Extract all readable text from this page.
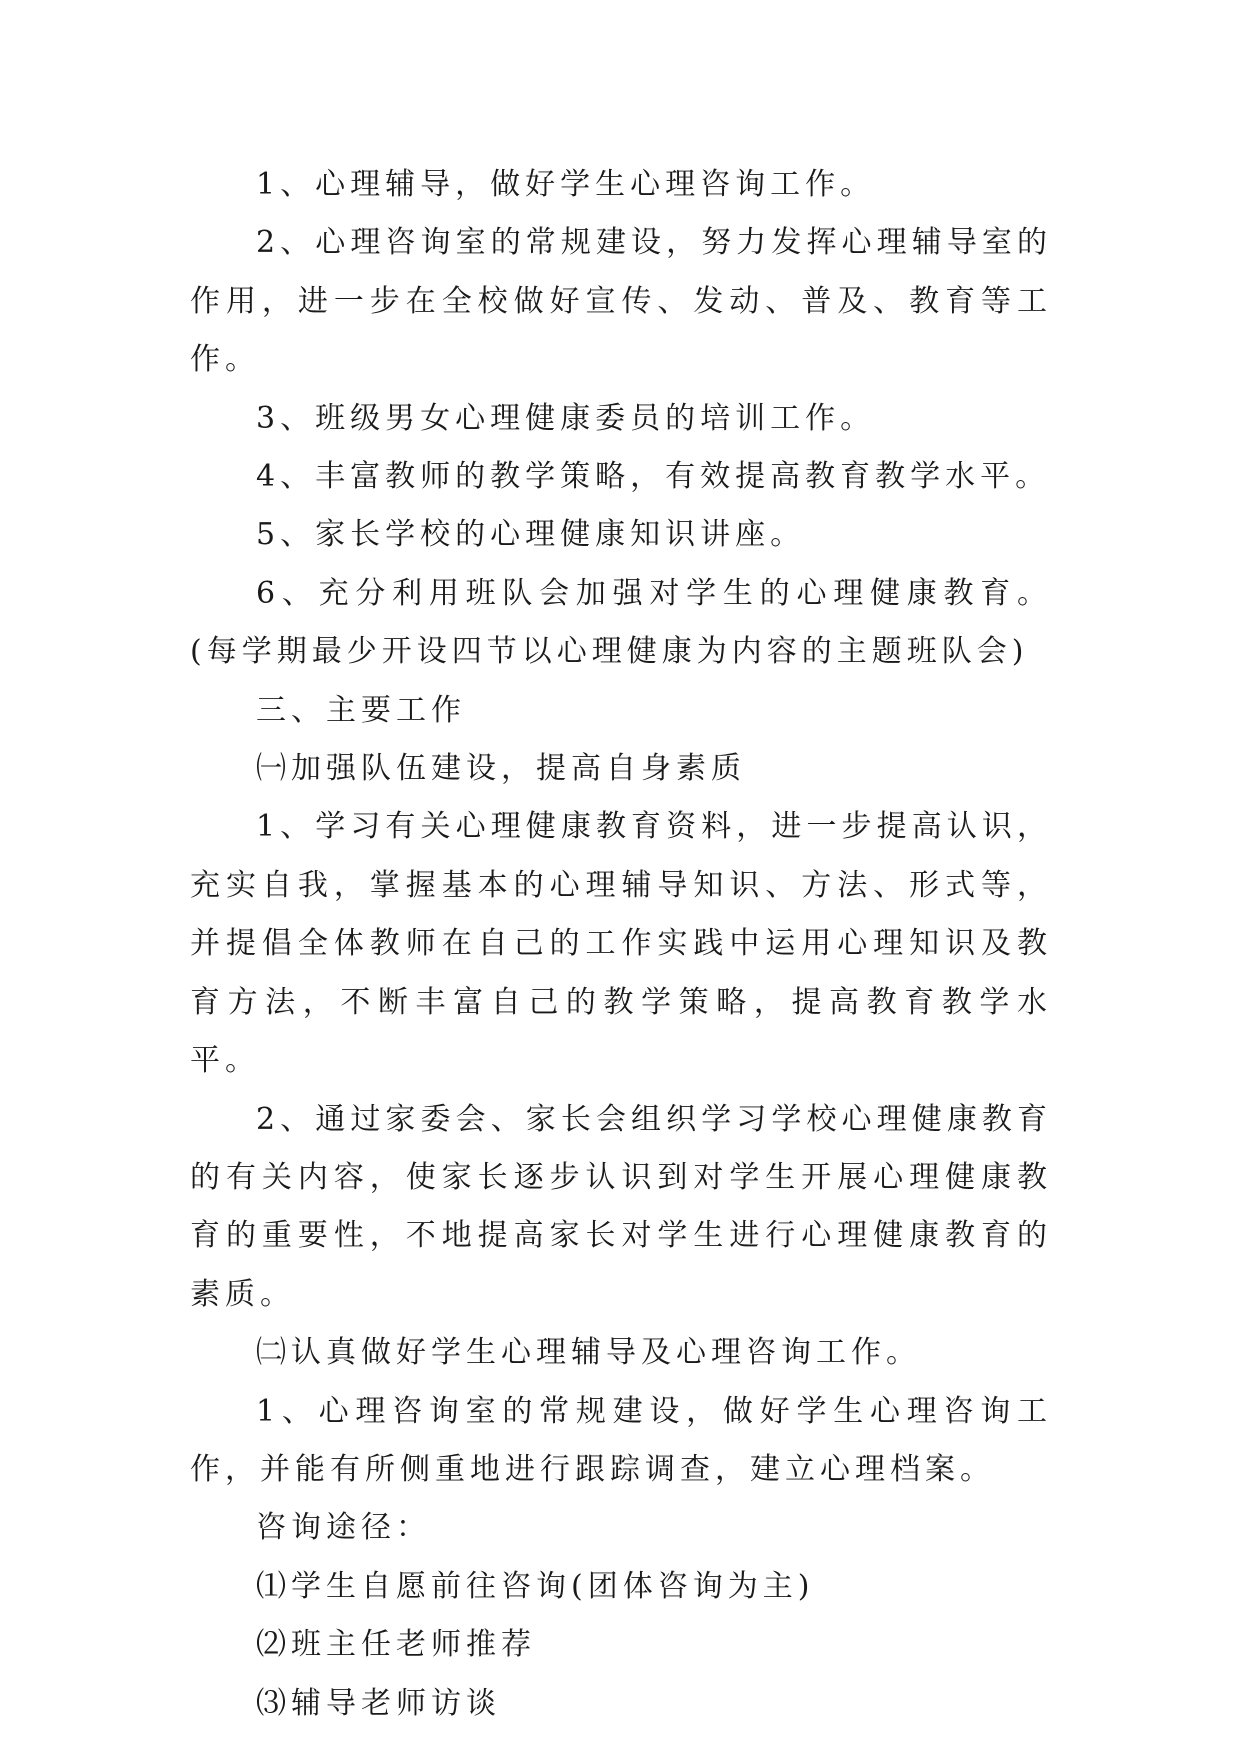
1、心理辅导，做好学生心理咨询工作。

2、心理咨询室的常规建设，努力发挥心理辅导室的作用，进一步在全校做好宣传、发动、普及、教育等工作。

3、班级男女心理健康委员的培训工作。

4、丰富教师的教学策略，有效提高教育教学水平。

5、家长学校的心理健康知识讲座。

6、充分利用班队会加强对学生的心理健康教育。(每学期最少开设四节以心理健康为内容的主题班队会)

三、主要工作

㈠加强队伍建设，提高自身素质

1、学习有关心理健康教育资料，进一步提高认识，充实自我，掌握基本的心理辅导知识、方法、形式等，并提倡全体教师在自己的工作实践中运用心理知识及教育方法，不断丰富自己的教学策略，提高教育教学水平。

2、通过家委会、家长会组织学习学校心理健康教育的有关内容，使家长逐步认识到对学生开展心理健康教育的重要性，不地提高家长对学生进行心理健康教育的素质。

㈡认真做好学生心理辅导及心理咨询工作。

1、心理咨询室的常规建设，做好学生心理咨询工作，并能有所侧重地进行跟踪调查，建立心理档案。

咨询途径：

⑴学生自愿前往咨询(团体咨询为主)

⑵班主任老师推荐

⑶辅导老师访谈
